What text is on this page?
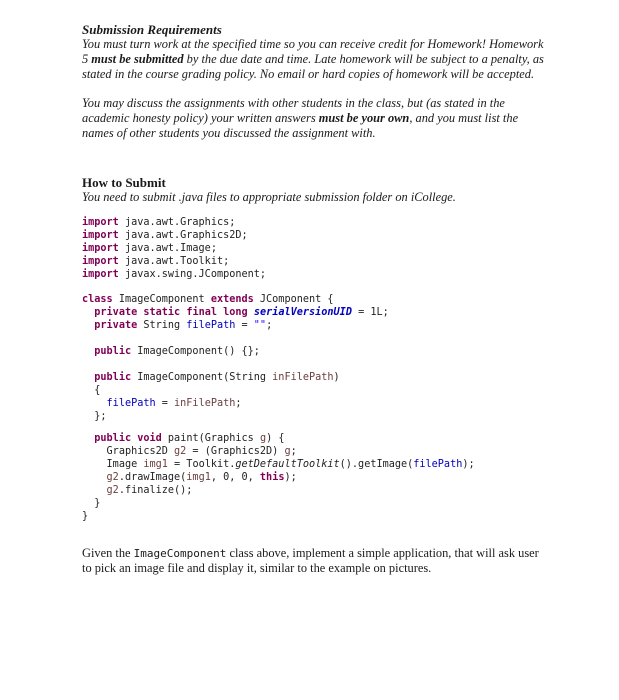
Submission Requirements

You must turn work at the specified time so you can receive credit for Homework! Homework 5 must be submitted by the due date and time. Late homework will be subject to a penalty, as stated in the course grading policy. No email or hard copies of homework will be accepted.

You may discuss the assignments with other students in the class, but (as stated in the academic honesty policy) your written answers must be your own, and you must list the names of other students you discussed the assignment with.

How to Submit

You need to submit .java files to appropriate submission folder on iCollege.

import java.awt.Graphics;
import java.awt.Graphics2D;
import java.awt.Image;
import java.awt.Toolkit;
import javax.swing.JComponent;
class ImageComponent extends JComponent {
private static final long serialVersionUID = 1L;
private String filePath = "";
public ImageComponent() {};
public ImageComponent(String inFilePath)
{
filePath = inFilePath;
};
public void paint(Graphics g) {
Graphics2D g2 = (Graphics2D) g;
Image img1 = Toolkit.getDefaultToolkit().getImage(filePath);
g2.drawImage(img1, 0, 0, this);
g2.finalize();
}
}

Given the ImageComponent class above, implement a simple application, that will ask user to pick an image file and display it, similar to the example on pictures.
